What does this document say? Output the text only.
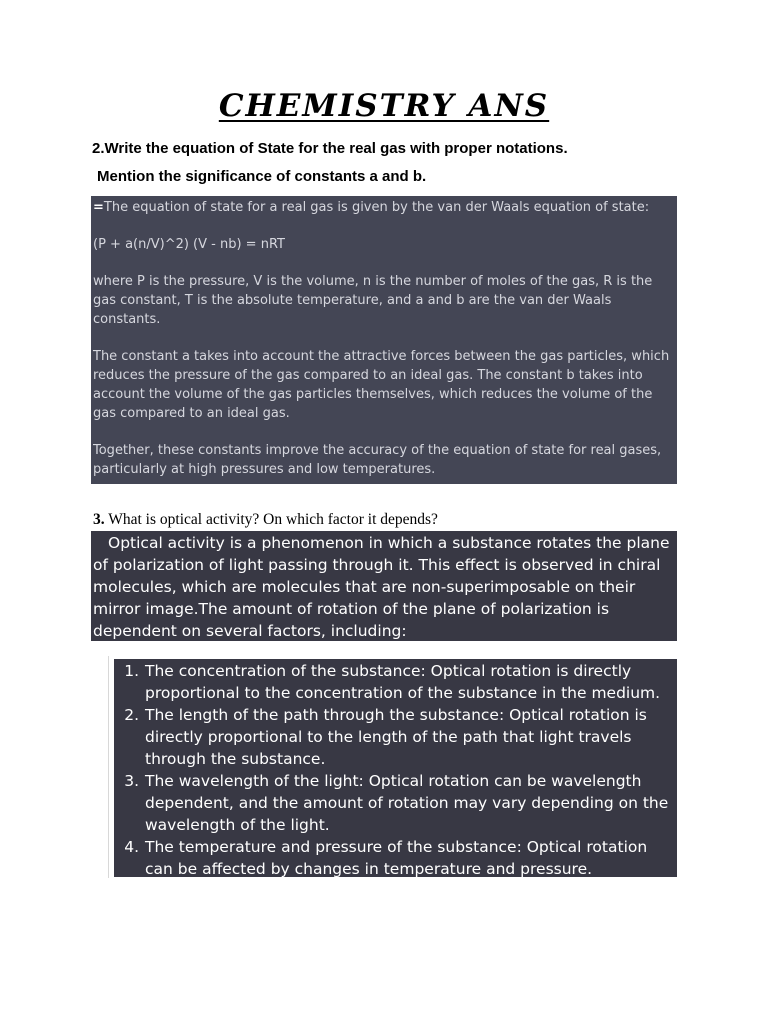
CHEMISTRY ANS
2.Write the equation of State for the real gas with proper notations.
Mention the significance of constants a and b.

=The equation of state for a real gas is given by the van der Waals equation of state:

(P + a(n/V)^2) (V - nb) = nRT

where P is the pressure, V is the volume, n is the number of moles of the gas, R is the gas constant, T is the absolute temperature, and a and b are the van der Waals constants.

The constant a takes into account the attractive forces between the gas particles, which reduces the pressure of the gas compared to an ideal gas. The constant b takes into account the volume of the gas particles themselves, which reduces the volume of the gas compared to an ideal gas.

Together, these constants improve the accuracy of the equation of state for real gases, particularly at high pressures and low temperatures.

3. What is optical activity? On which factor it depends?
Optical activity is a phenomenon in which a substance rotates the plane of polarization of light passing through it. This effect is observed in chiral molecules, which are molecules that are non-superimposable on their mirror image.The amount of rotation of the plane of polarization is dependent on several factors, including:
1. The concentration of the substance: Optical rotation is directly proportional to the concentration of the substance in the medium.
2. The length of the path through the substance: Optical rotation is directly proportional to the length of the path that light travels through the substance.
3. The wavelength of the light: Optical rotation can be wavelength dependent, and the amount of rotation may vary depending on the wavelength of the light.
4. The temperature and pressure of the substance: Optical rotation can be affected by changes in temperature and pressure.
